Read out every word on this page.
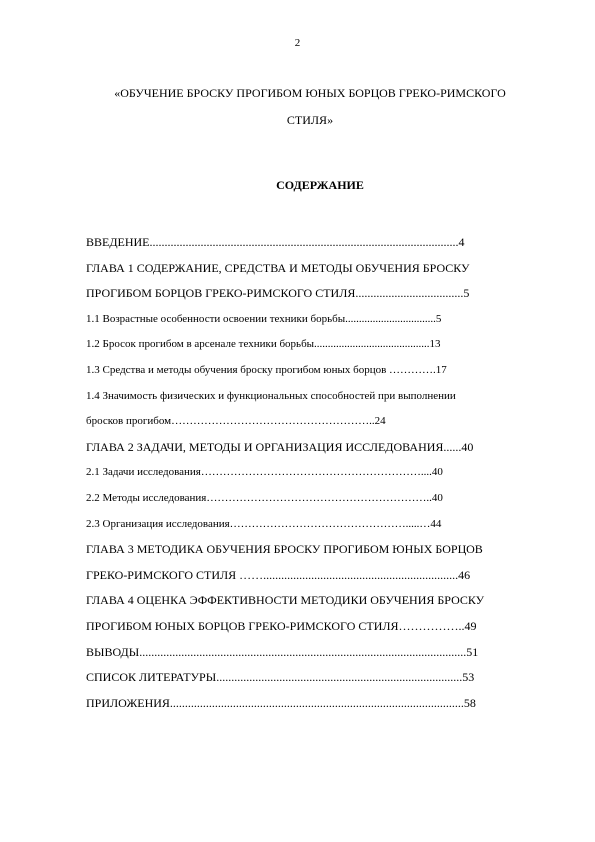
2
«ОБУЧЕНИЕ БРОСКУ ПРОГИБОМ ЮНЫХ БОРЦОВ ГРЕКО-РИМСКОГО
СТИЛЯ»
СОДЕРЖАНИЕ
ВВЕДЕНИЕ.......................................................................................................4
ГЛАВА 1 СОДЕРЖАНИЕ, СРЕДСТВА И МЕТОДЫ ОБУЧЕНИЯ БРОСКУ
ПРОГИБОМ БОРЦОВ ГРЕКО-РИМСКОГО СТИЛЯ....................................5
1.1 Возрастные особенности освоении техники борьбы.................................5
1.2 Бросок прогибом в арсенале техники борьбы..........................................13
1.3 Средства и методы обучения броску прогибом юных борцов ………….17
1.4 Значимость физических и функциональных способностей при выполнении
бросков прогибом………………………………………………..24
ГЛАВА 2 ЗАДАЧИ, МЕТОДЫ И ОРГАНИЗАЦИЯ ИССЛЕДОВАНИЯ......40
2.1 Задачи исследования……………………………………………………....40
2.2 Методы исследования……………………………………………………..40
2.3 Организация исследования………………………………………….....…44
ГЛАВА 3 МЕТОДИКА ОБУЧЕНИЯ БРОСКУ ПРОГИБОМ ЮНЫХ БОРЦОВ
ГРЕКО-РИМСКОГО СТИЛЯ …….................................................................46
ГЛАВА 4 ОЦЕНКА ЭФФЕКТИВНОСТИ МЕТОДИКИ ОБУЧЕНИЯ БРОСКУ
ПРОГИБОМ ЮНЫХ БОРЦОВ ГРЕКО-РИМСКОГО СТИЛЯ……………..49
ВЫВОДЫ.............................................................................................................51
СПИСОК ЛИТЕРАТУРЫ..................................................................................53
ПРИЛОЖЕНИЯ..................................................................................................58
